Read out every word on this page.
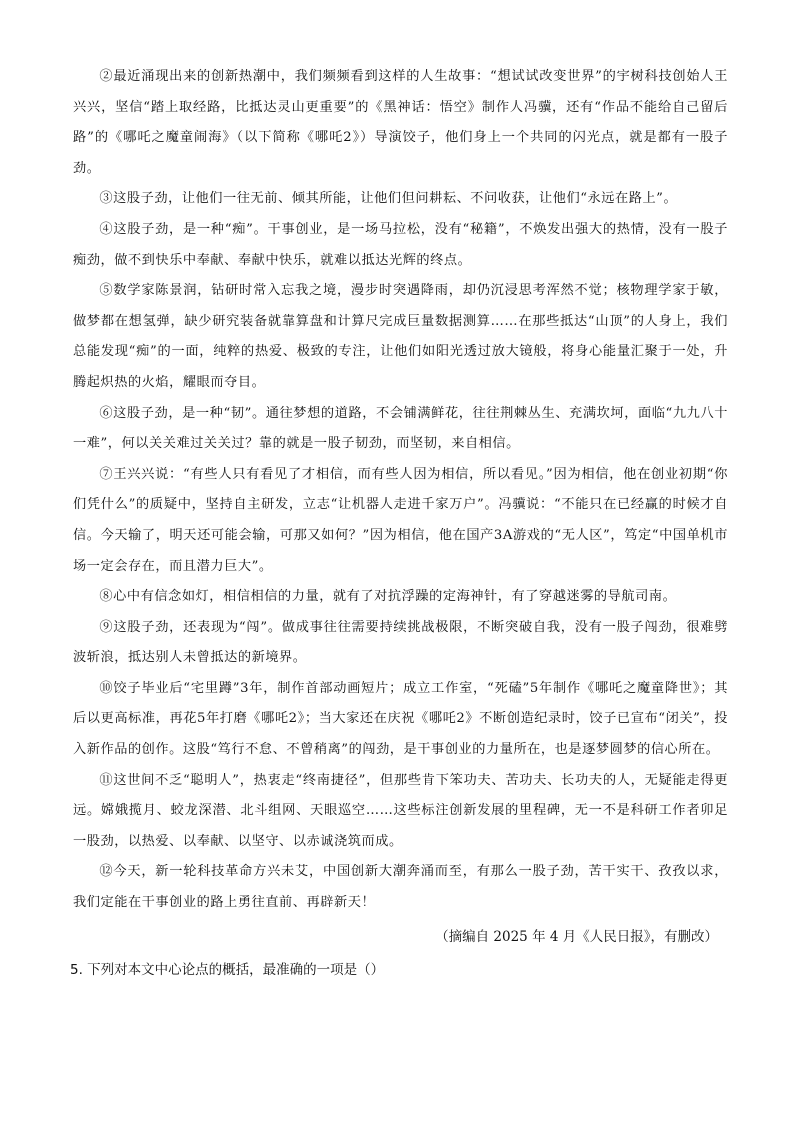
②最近涌现出来的创新热潮中，我们频频看到这样的人生故事：“想试试改变世界”的宇树科技创始人王兴兴，坚信“踏上取经路，比抵达灵山更重要”的《黑神话：悟空》制作人冯骥，还有“作品不能给自己留后路”的《哪吒之魔童闹海》（以下简称《哪吒2》）导演饺子，他们身上一个共同的闪光点，就是都有一股子劲。

③这股子劲，让他们一往无前、倾其所能，让他们但问耕耘、不问收获，让他们“永远在路上”。

④这股子劲，是一种“痴”。干事创业，是一场马拉松，没有“秘籍”，不焕发出强大的热情，没有一股子痴劲，做不到快乐中奉献、奉献中快乐，就难以抵达光辉的终点。

⑤数学家陈景润，钻研时常入忘我之境，漫步时突遇降雨，却仍沉浸思考浑然不觉；核物理学家于敏，做梦都在想氢弹，缺少研究装备就靠算盘和计算尺完成巨量数据测算……在那些抵达“山顶”的人身上，我们总能发现“痴”的一面，纯粹的热爱、极致的专注，让他们如阳光透过放大镜般，将身心能量汇聚于一处，升腾起炽热的火焰，耀眼而夺目。

⑥这股子劲，是一种“韧”。通往梦想的道路，不会铺满鲜花，往往荆棘丛生、充满坎坷，面临“九九八十一难”，何以关关难过关关过？靠的就是一股子韧劲，而坚韧，来自相信。

⑦王兴兴说：“有些人只有看见了才相信，而有些人因为相信，所以看见。”因为相信，他在创业初期“你们凭什么”的质疑中，坚持自主研发，立志“让机器人走进千家万户”。冯骥说：“不能只在已经赢的时候才自信。今天输了，明天还可能会输，可那又如何？”因为相信，他在国产3A游戏的“无人区”，笃定“中国单机市场一定会存在，而且潜力巨大”。

⑧心中有信念如灯，相信相信的力量，就有了对抗浮躁的定海神针，有了穿越迷雾的导航司南。

⑨这股子劲，还表现为“闯”。做成事往往需要持续挑战极限，不断突破自我，没有一股子闯劲，很难劈波斩浪，抵达别人未曾抵达的新境界。

⑩饺子毕业后“宅里蹲”3年，制作首部动画短片；成立工作室，“死磕”5年制作《哪吒之魔童降世》；其后以更高标准，再花5年打磨《哪吒2》；当大家还在庆祝《哪吒2》不断创造纪录时，饺子已宣布“闭关”，投入新作品的创作。这股“笃行不怠、不曾稍离”的闯劲，是干事创业的力量所在，也是逐梦圆梦的信心所在。

⑪这世间不乏“聪明人”，热衷走“终南捷径”，但那些肯下笨功夫、苦功夫、长功夫的人，无疑能走得更远。嫦娥揽月、蛟龙深潜、北斗组网、天眼巡空……这些标注创新发展的里程碑，无一不是科研工作者卯足一股劲，以热爱、以奉献、以坚守、以赤诚浇筑而成。

⑫今天，新一轮科技革命方兴未艾，中国创新大潮奔涌而至，有那么一股子劲，苦干实干、孜孜以求，我们定能在干事创业的路上勇往直前、再辟新天！

（摘编自 2025 年 4 月《人民日报》，有删改）

5. 下列对本文中心论点的概括，最准确的一项是（）
